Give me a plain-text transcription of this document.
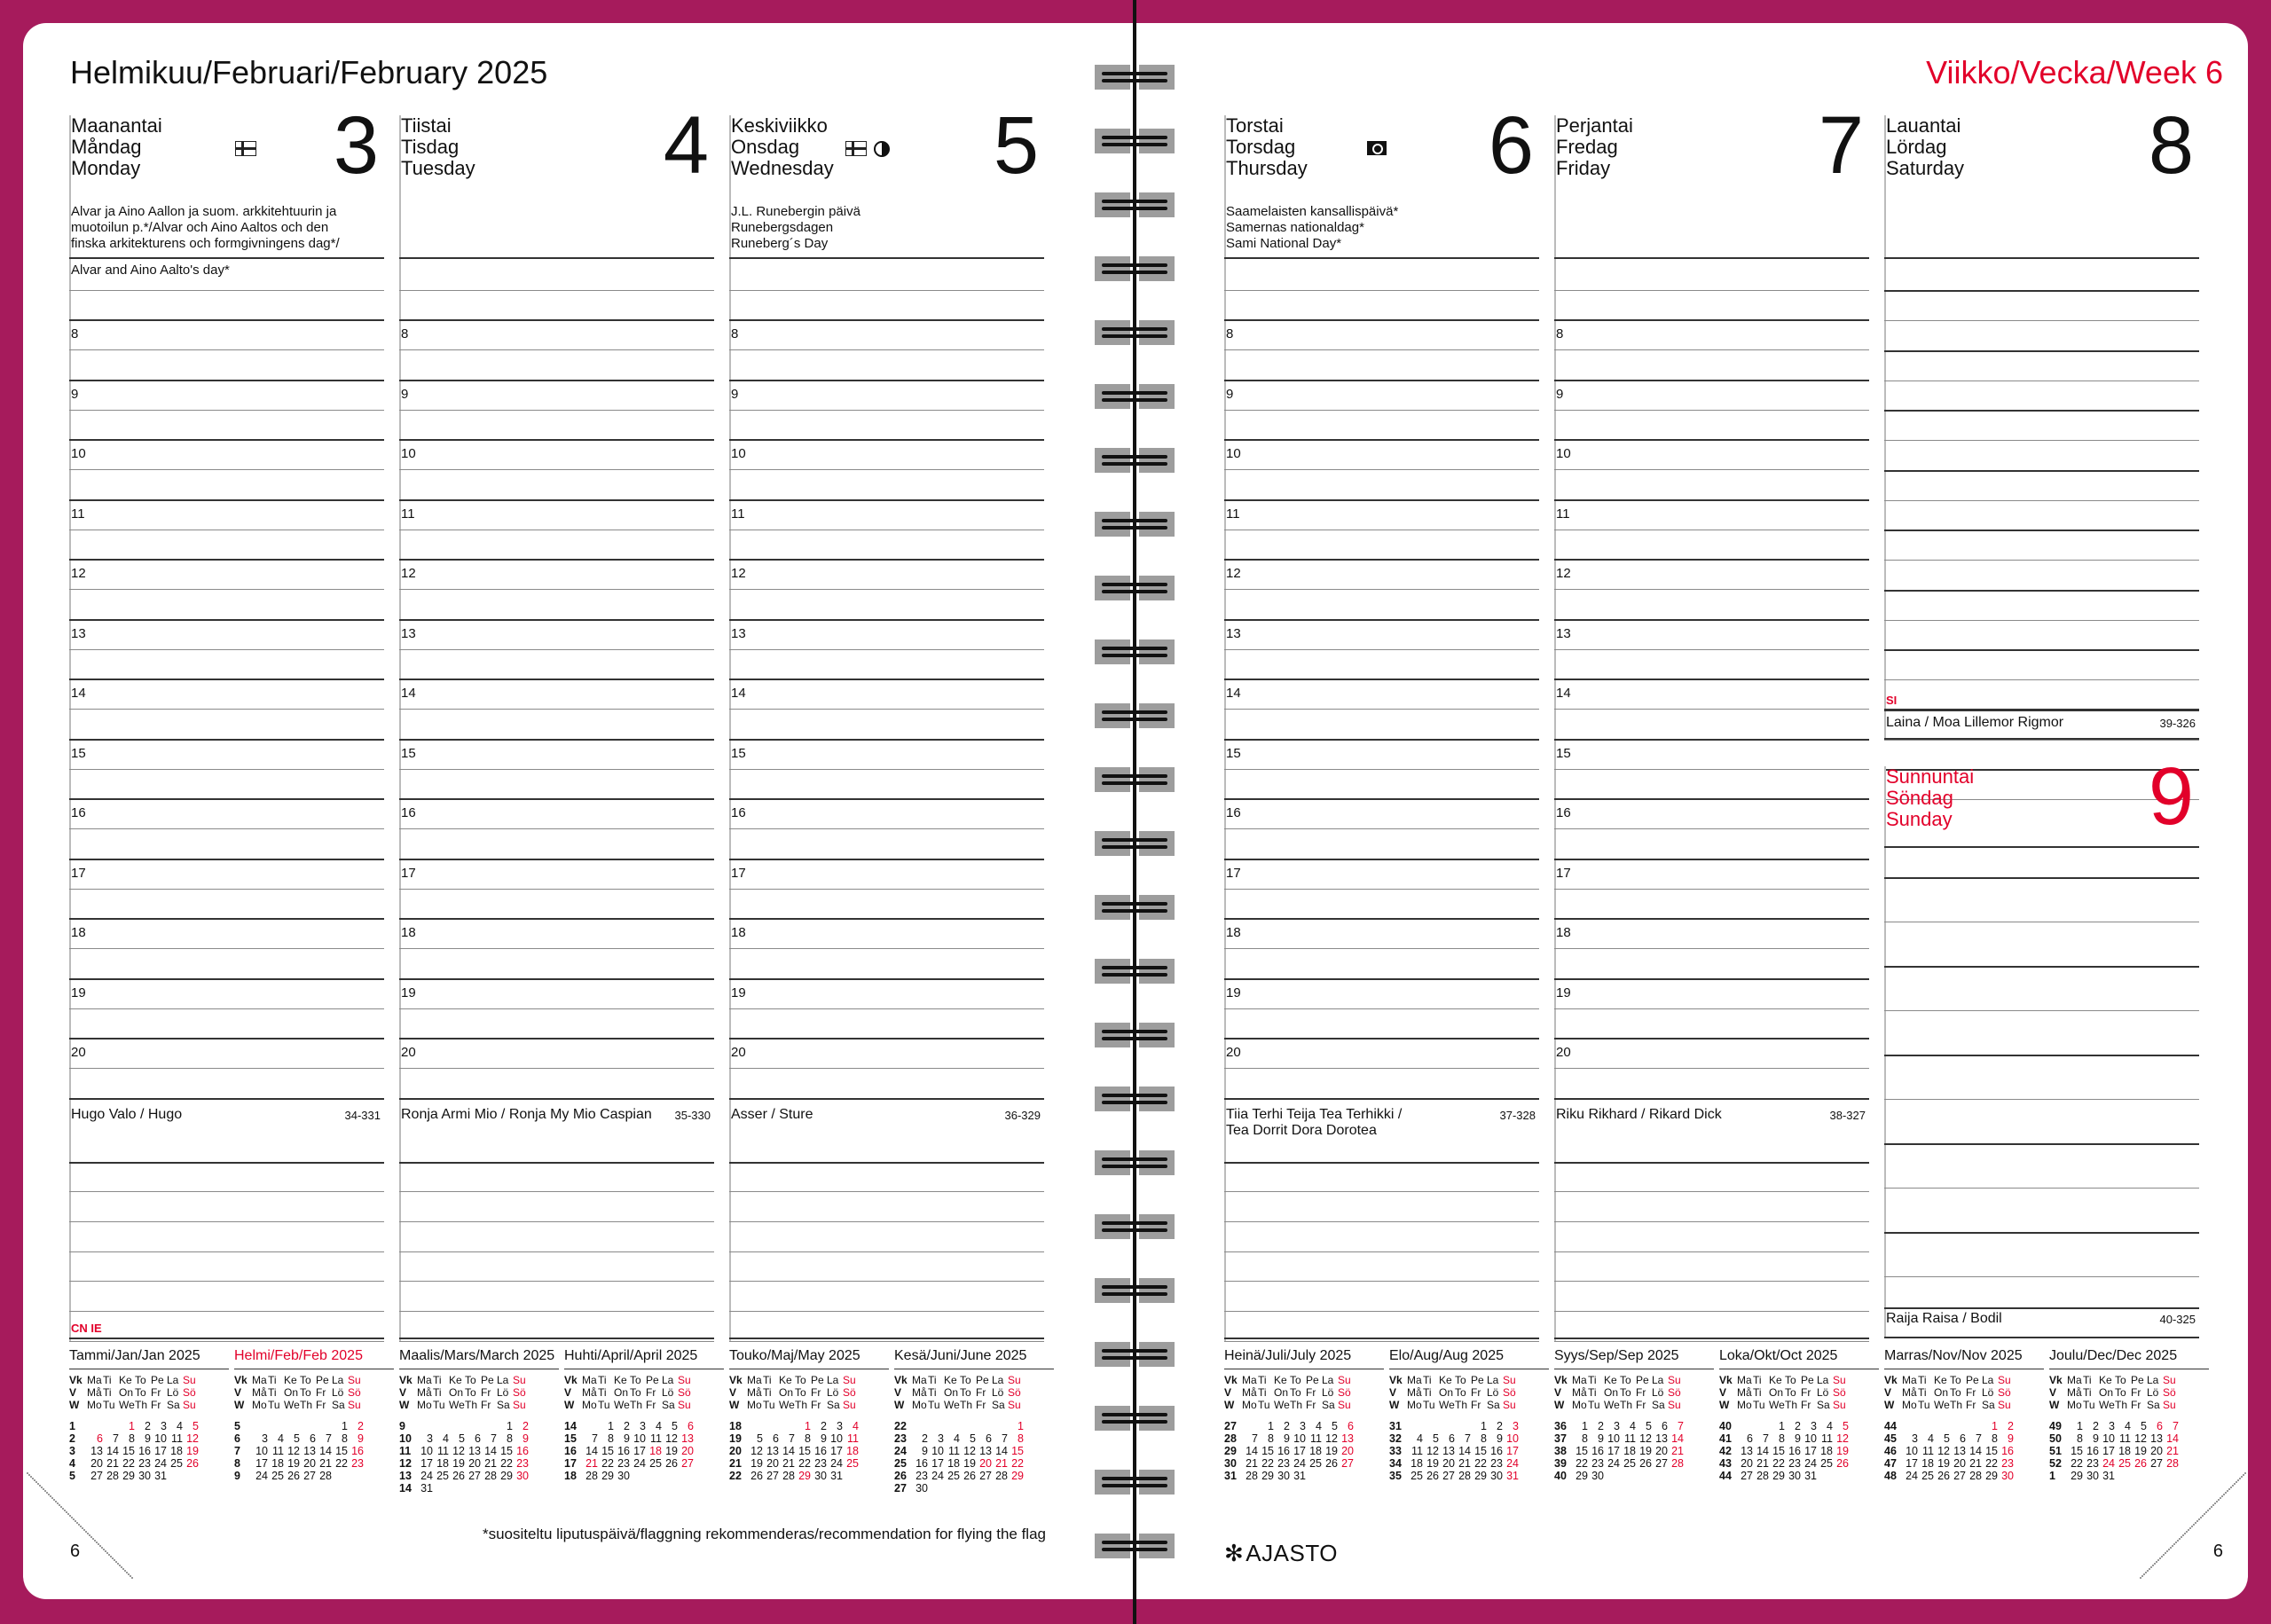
Helmikuu/Februari/February 2025
Maanantai
Måndag
Monday 3
Alvar ja Aino Aallon ja suom. arkkitehtuurin ja
muotoilun p.*/Alvar och Aino Aaltos och den
finska arkitekturens och formgivningens dag*/
Alvar and Aino Aalto's day*
8
9
10
11
12
13
14
15
16
17
18
19
20
Hugo Valo / Hugo	34-331
CN IE
Tiistai
Tisdag
Tuesday 4
8
9
10
11
12
13
14
15
16
17
18
19
20
Ronja Armi Mio / Ronja My Mio Caspian 35-330
Keskiviikko
Onsdag
Wednesday 5
J.L. Runebergin päivä
Runebergsdagen
Runeberg´s Day
8
9
10
11
12
13
14
15
16
17
18
19
20
Asser / Sture	36-329
*suositeltu liputuspäivä/flaggning rekommenderas/recommendation for flying the flag
6
Tammi/Jan/Jan 2025
Vk	Ma	Ti	Ke	To	Pe	La	Su
V	Må	Ti	On	To	Fr	Lö	Sö
W	Mo	Tu	We	Th	Fr	Sa	Su

1			1	2	3	4	5
2	6	7	8	9	10	11	12
3	13	14	15	16	17	18	19
4	20	21	22	23	24	25	26
5	27	28	29	30	31		
Helmi/Feb/Feb 2025
Vk	Ma	Ti	Ke	To	Pe	La	Su
V	Må	Ti	On	To	Fr	Lö	Sö
W	Mo	Tu	We	Th	Fr	Sa	Su

5						1	2
6	3	4	5	6	7	8	9
7	10	11	12	13	14	15	16
8	17	18	19	20	21	22	23
9	24	25	26	27	28		
Maalis/Mars/March 2025
Vk	Ma	Ti	Ke	To	Pe	La	Su
V	Må	Ti	On	To	Fr	Lö	Sö
W	Mo	Tu	We	Th	Fr	Sa	Su

9						1	2
10	3	4	5	6	7	8	9
11	10	11	12	13	14	15	16
12	17	18	19	20	21	22	23
13	24	25	26	27	28	29	30
14	31						
Huhti/April/April 2025
Vk	Ma	Ti	Ke	To	Pe	La	Su
V	Må	Ti	On	To	Fr	Lö	Sö
W	Mo	Tu	We	Th	Fr	Sa	Su

14		1	2	3	4	5	6
15	7	8	9	10	11	12	13
16	14	15	16	17	18	19	20
17	21	22	23	24	25	26	27
18	28	29	30				
Touko/Maj/May 2025
Vk	Ma	Ti	Ke	To	Pe	La	Su
V	Må	Ti	On	To	Fr	Lö	Sö
W	Mo	Tu	We	Th	Fr	Sa	Su

18				1	2	3	4
19	5	6	7	8	9	10	11
20	12	13	14	15	16	17	18
21	19	20	21	22	23	24	25
22	26	27	28	29	30	31	
Kesä/Juni/June 2025
Vk	Ma	Ti	Ke	To	Pe	La	Su
V	Må	Ti	On	To	Fr	Lö	Sö
W	Mo	Tu	We	Th	Fr	Sa	Su

22							1
23	2	3	4	5	6	7	8
24	9	10	11	12	13	14	15
25	16	17	18	19	20	21	22
26	23	24	25	26	27	28	29
27	30						
Viikko/Vecka/Week 6
Torstai
Torsdag
Thursday 6
Saamelaisten kansallispäivä*
Samernas nationaldag*
Sami National Day*
8
9
10
11
12
13
14
15
16
17
18
19
20
Tiia Terhi Teija Tea Terhikki /
Tea Dorrit Dora Dorotea
37-328
Perjantai
Fredag
Friday	7
8
9
10
11
12
13
14
15
16
17
18
19
20
Riku Rikhard / Rikard Dick	38-327
Lauantai
Lördag
Saturday 8
SI
Laina / Moa Lillemor Rigmor	39-326
Sunnuntai
Söndag
Sunday 9
Raija Raisa / Bodil	40-325
✻AJASTO	6
Heinä/Juli/July 2025
Vk	Ma	Ti	Ke	To	Pe	La	Su
V	Må	Ti	On	To	Fr	Lö	Sö
W	Mo	Tu	We	Th	Fr	Sa	Su

27		1	2	3	4	5	6
28	7	8	9	10	11	12	13
29	14	15	16	17	18	19	20
30	21	22	23	24	25	26	27
31	28	29	30	31			
Elo/Aug/Aug 2025
Vk	Ma	Ti	Ke	To	Pe	La	Su
V	Må	Ti	On	To	Fr	Lö	Sö
W	Mo	Tu	We	Th	Fr	Sa	Su

31					1	2	3
32	4	5	6	7	8	9	10
33	11	12	13	14	15	16	17
34	18	19	20	21	22	23	24
35	25	26	27	28	29	30	31
Syys/Sep/Sep 2025
Vk	Ma	Ti	Ke	To	Pe	La	Su
V	Må	Ti	On	To	Fr	Lö	Sö
W	Mo	Tu	We	Th	Fr	Sa	Su

36	1	2	3	4	5	6	7
37	8	9	10	11	12	13	14
38	15	16	17	18	19	20	21
39	22	23	24	25	26	27	28
40	29	30					
Loka/Okt/Oct 2025
Vk	Ma	Ti	Ke	To	Pe	La	Su
V	Må	Ti	On	To	Fr	Lö	Sö
W	Mo	Tu	We	Th	Fr	Sa	Su

40			1	2	3	4	5
41	6	7	8	9	10	11	12
42	13	14	15	16	17	18	19
43	20	21	22	23	24	25	26
44	27	28	29	30	31		
Marras/Nov/Nov 2025
Vk	Ma	Ti	Ke	To	Pe	La	Su
V	Må	Ti	On	To	Fr	Lö	Sö
W	Mo	Tu	We	Th	Fr	Sa	Su

44						1	2
45	3	4	5	6	7	8	9
46	10	11	12	13	14	15	16
47	17	18	19	20	21	22	23
48	24	25	26	27	28	29	30
Joulu/Dec/Dec 2025
Vk	Ma	Ti	Ke	To	Pe	La	Su
V	Må	Ti	On	To	Fr	Lö	Sö
W	Mo	Tu	We	Th	Fr	Sa	Su

49	1	2	3	4	5	6	7
50	8	9	10	11	12	13	14
51	15	16	17	18	19	20	21
52	22	23	24	25	26	27	28
1	29	30	31				
